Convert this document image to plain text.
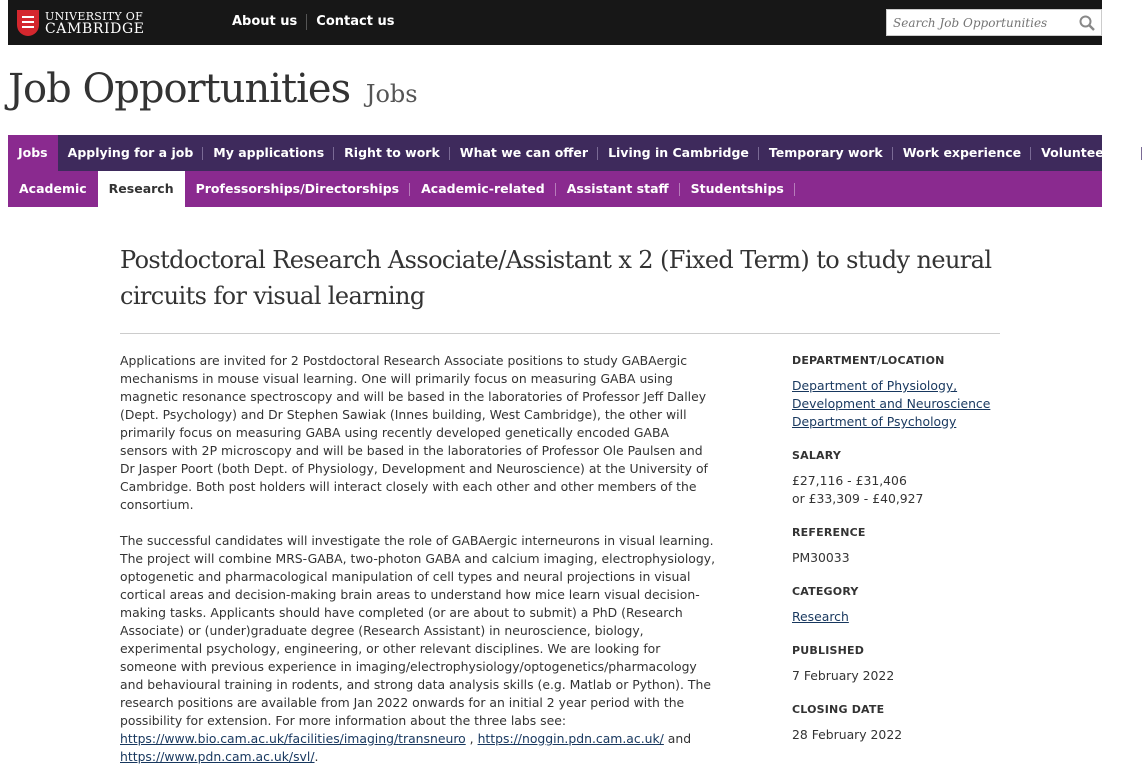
UNIVERSITY OF
CAMBRIDGE	About us	Contact us
Search Job Opportunities
Job Opportunities Jobs
Jobs	Applying for a job	My applications	Right to work	What we can offer	Living in Cambridge	Temporary work	Work experience	Volunteering
Academic	Research	Professorships/Directorships	Academic-related	Assistant staff	Studentships
Postdoctoral Research Associate/Assistant x 2 (Fixed Term) to study neural circuits for visual learning

Applications are invited for 2 Postdoctoral Research Associate positions to study GABAergic mechanisms in mouse visual learning. One will primarily focus on measuring GABA using magnetic resonance spectroscopy and will be based in the laboratories of Professor Jeff Dalley (Dept. Psychology) and Dr Stephen Sawiak (Innes building, West Cambridge), the other will primarily focus on measuring GABA using recently developed genetically encoded GABA sensors with 2P microscopy and will be based in the laboratories of Professor Ole Paulsen and Dr Jasper Poort (both Dept. of Physiology, Development and Neuroscience) at the University of Cambridge. Both post holders will interact closely with each other and other members of the consortium.

The successful candidates will investigate the role of GABAergic interneurons in visual learning. The project will combine MRS-GABA, two-photon GABA and calcium imaging, electrophysiology, optogenetic and pharmacological manipulation of cell types and neural projections in visual cortical areas and decision-making brain areas to understand how mice learn visual decision-making tasks. Applicants should have completed (or are about to submit) a PhD (Research Associate) or (under)graduate degree (Research Assistant) in neuroscience, biology, experimental psychology, engineering, or other relevant disciplines. We are looking for someone with previous experience in imaging/electrophysiology/optogenetics/pharmacology and behavioural training in rodents, and strong data analysis skills (e.g. Matlab or Python). The research positions are available from Jan 2022 onwards for an initial 2 year period with the possibility for extension. For more information about the three labs see:
https://www.bio.cam.ac.uk/facilities/imaging/transneuro , https://noggin.pdn.cam.ac.uk/ and
https://www.pdn.cam.ac.uk/svl/.

DEPARTMENT/LOCATION
Department of Physiology, Development and Neuroscience
Department of Psychology
SALARY
£27,116 - £31,406
or £33,309 - £40,927
REFERENCE
PM30033
CATEGORY
Research
PUBLISHED
7 February 2022
CLOSING DATE
28 February 2022
